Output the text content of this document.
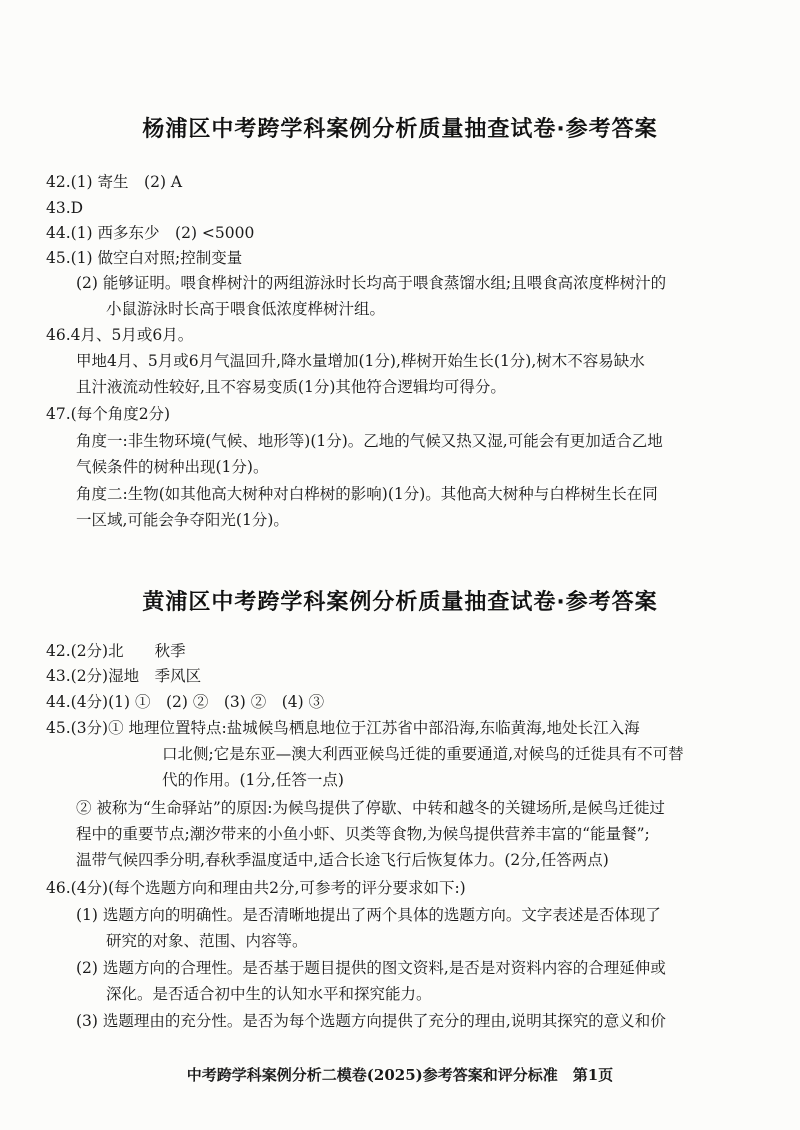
杨浦区中考跨学科案例分析质量抽查试卷·参考答案
42.(1) 寄生　(2) A
43.D
44.(1) 西多东少　(2) <5000
45.(1) 做空白对照;控制变量
(2) 能够证明。喂食桦树汁的两组游泳时长均高于喂食蒸馏水组;且喂食高浓度桦树汁的
小鼠游泳时长高于喂食低浓度桦树汁组。
46.4月、5月或6月。
甲地4月、5月或6月气温回升,降水量增加(1分),桦树开始生长(1分),树木不容易缺水
且汁液流动性较好,且不容易变质(1分)其他符合逻辑均可得分。
47.(每个角度2分)
角度一:非生物环境(气候、地形等)(1分)。乙地的气候又热又湿,可能会有更加适合乙地
气候条件的树种出现(1分)。
角度二:生物(如其他高大树种对白桦树的影响)(1分)。其他高大树种与白桦树生长在同
一区域,可能会争夺阳光(1分)。
黄浦区中考跨学科案例分析质量抽查试卷·参考答案
42.(2分)北　　秋季
43.(2分)湿地　季风区
44.(4分)(1) ①　(2) ②　(3) ②　(4) ③
45.(3分)① 地理位置特点:盐城候鸟栖息地位于江苏省中部沿海,东临黄海,地处长江入海
口北侧;它是东亚—澳大利西亚候鸟迁徙的重要通道,对候鸟的迁徙具有不可替
代的作用。(1分,任答一点)
② 被称为“生命驿站”的原因:为候鸟提供了停歇、中转和越冬的关键场所,是候鸟迁徙过
程中的重要节点;潮汐带来的小鱼小虾、贝类等食物,为候鸟提供营养丰富的“能量餐”;
温带气候四季分明,春秋季温度适中,适合长途飞行后恢复体力。(2分,任答两点)
46.(4分)(每个选题方向和理由共2分,可参考的评分要求如下:)
(1) 选题方向的明确性。是否清晰地提出了两个具体的选题方向。文字表述是否体现了
研究的对象、范围、内容等。
(2) 选题方向的合理性。是否基于题目提供的图文资料,是否是对资料内容的合理延伸或
深化。是否适合初中生的认知水平和探究能力。
(3) 选题理由的充分性。是否为每个选题方向提供了充分的理由,说明其探究的意义和价
中考跨学科案例分析二模卷(2025)参考答案和评分标准　第1页
